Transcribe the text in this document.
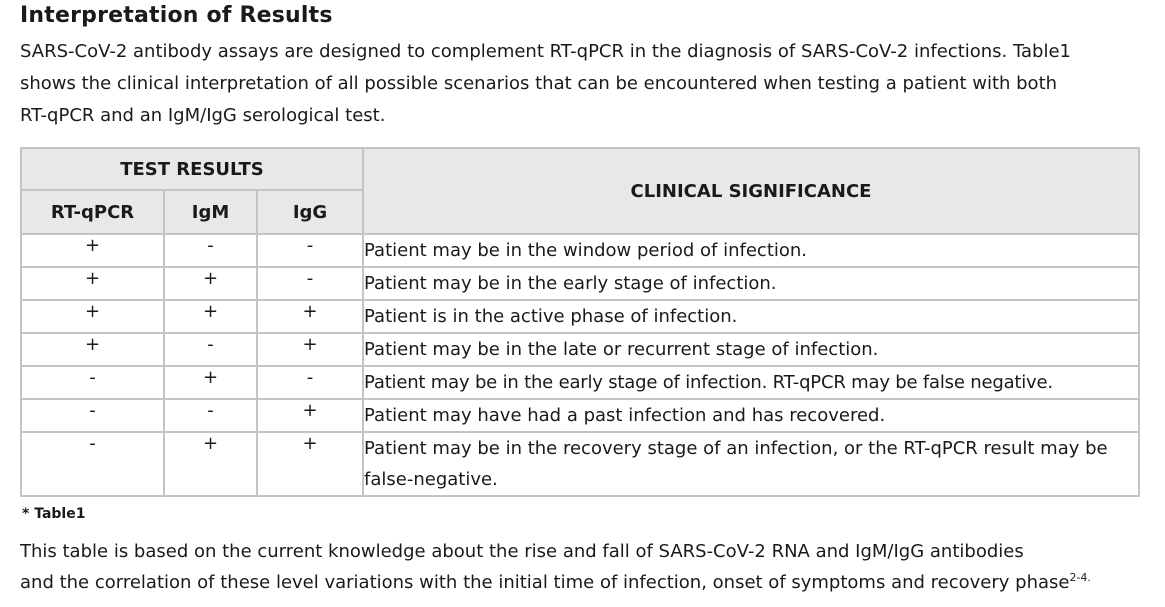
Interpretation of Results
SARS-CoV-2 antibody assays are designed to complement RT-qPCR in the diagnosis of SARS-CoV-2 infections. Table1
shows the clinical interpretation of all possible scenarios that can be encountered when testing a patient with both
RT-qPCR and an IgM/IgG serological test.
TEST RESULTS			CLINICAL SIGNIFICANCE
RT-qPCR	IgM	IgG	
+	-	-	Patient may be in the window period of infection.
+	+	-	Patient may be in the early stage of infection.
+	+	+	Patient is in the active phase of infection.
+	-	+	Patient may be in the late or recurrent stage of infection.
-	+	-	Patient may be in the early stage of infection. RT-qPCR may be false negative.
-	-	+	Patient may have had a past infection and has recovered.
-	+	+	Patient may be in the recovery stage of an infection, or the RT-qPCR result may be false-negative.
* Table1
This table is based on the current knowledge about the rise and fall of SARS-CoV-2 RNA and IgM/IgG antibodies
and the correlation of these level variations with the initial time of infection, onset of symptoms and recovery phase$^{2-4.}$
